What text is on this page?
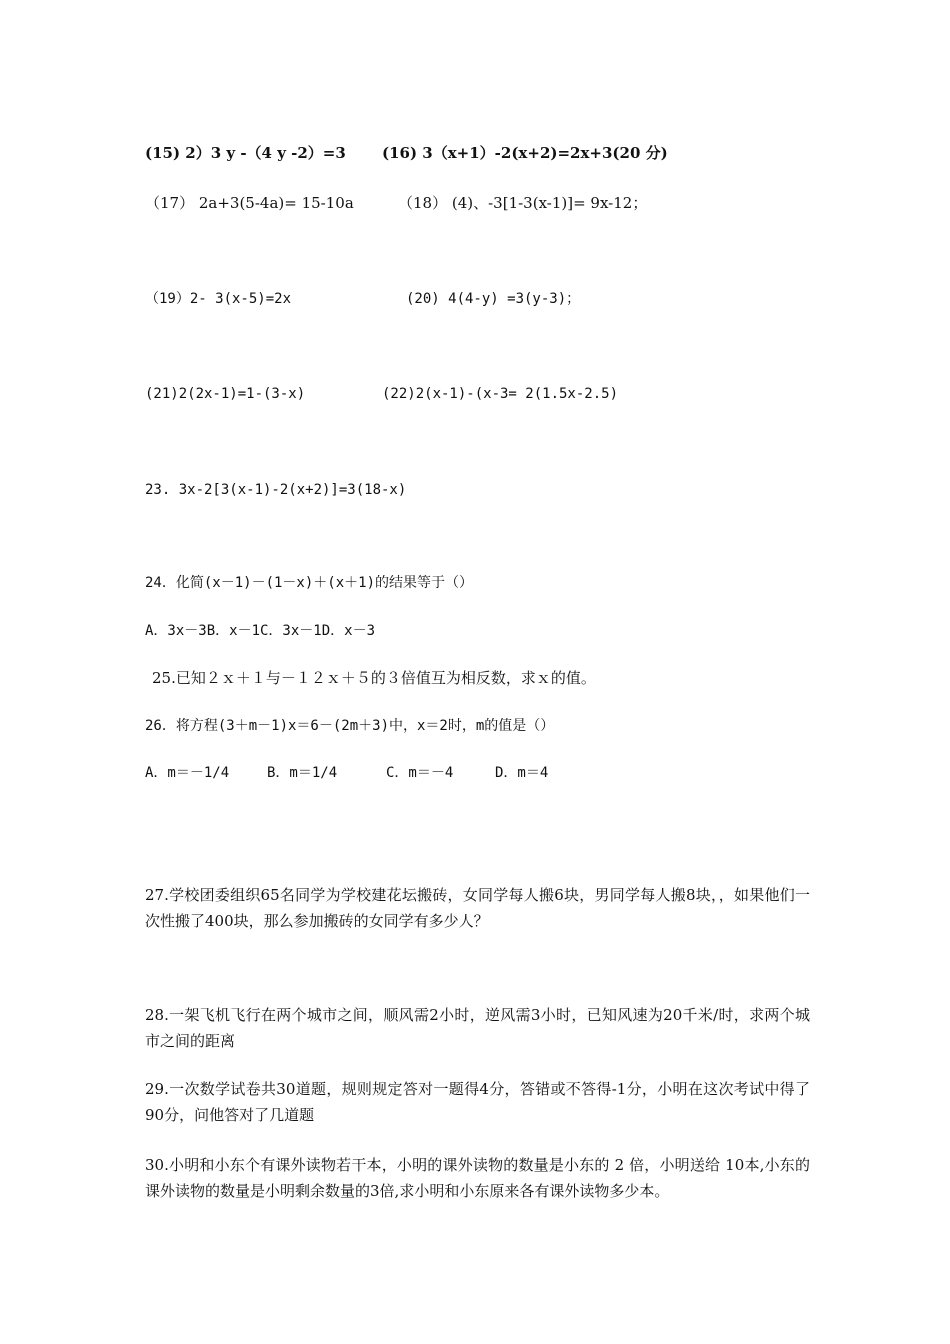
(15) 2）3 y -（4 y -2）=3 (16) 3（x+1）-2(x+2)=2x+3(20 分)
（17） 2a+3(5-4a)= 15-10a	（18） (4)、-3[1-3(x-1)]= 9x-12；
（19）2- 3(x-5)=2x	(20) 4(4-y) =3(y-3)；
(21)2(2x-1)=1-(3-x)	(22)2(x-1)-(x-3= 2(1.5x-2.5)
23. 3x-2[3(x-1)-2(x+2)]=3(18-x)
24．化简(x－1)－(1－x)＋(x＋1)的结果等于（）
A．3x－3B．x－1C．3x－1D．x－3
25.已知２ｘ＋１与－１２ｘ＋５的３倍值互为相反数，求ｘ的值。
26．将方程(3＋m－1)x＝6－(2m＋3)中，x＝2时，m的值是（）
A．m＝－1/4	B．m＝1/4	C．m＝－4	D．m＝4
27.学校团委组织65名同学为学校建花坛搬砖，女同学每人搬6块，男同学每人搬8块，，如果他们一次性搬了400块，那么参加搬砖的女同学有多少人？
28.一架飞机飞行在两个城市之间，顺风需2小时，逆风需3小时，已知风速为20千米/时，求两个城市之间的距离
29.一次数学试卷共30道题，规则规定答对一题得4分，答错或不答得-1分，小明在这次考试中得了90分，问他答对了几道题
30.小明和小东个有课外读物若干本，小明的课外读物的数量是小东的 2 倍，小明送给 10本,小东的课外读物的数量是小明剩余数量的3倍,求小明和小东原来各有课外读物多少本。
